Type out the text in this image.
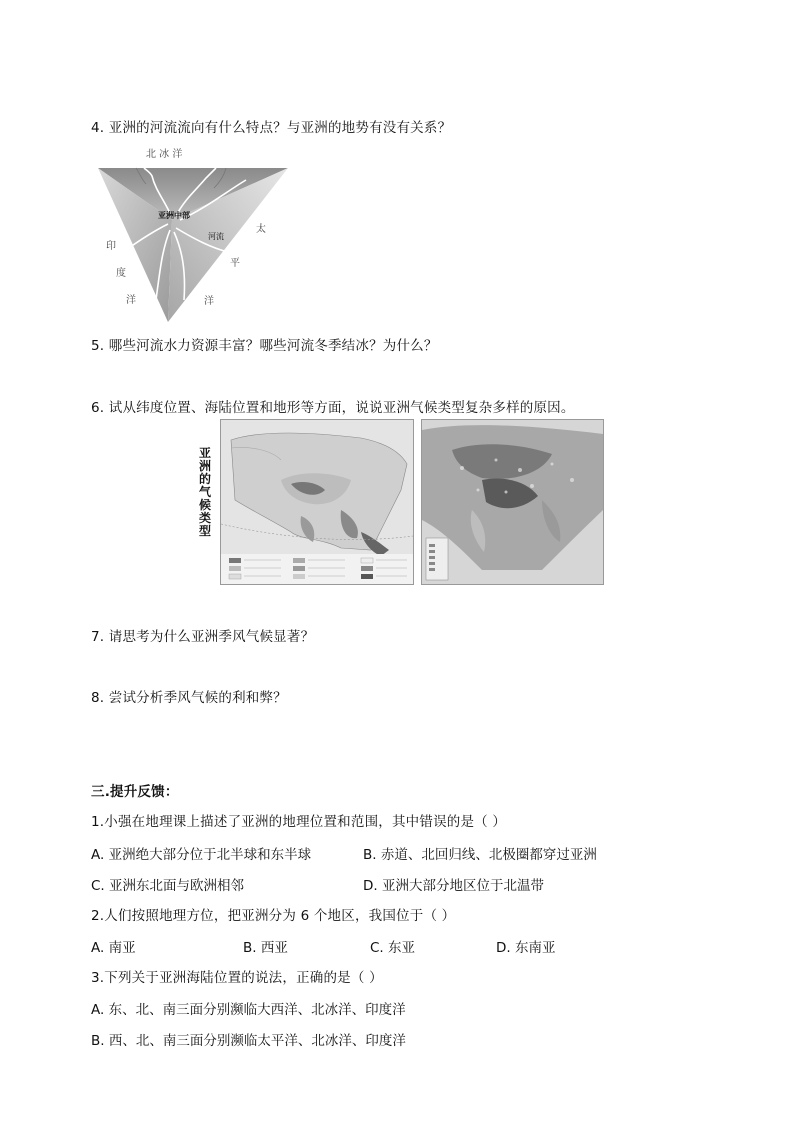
4. 亚洲的河流流向有什么特点？与亚洲的地势有没有关系？
北 冰 洋
亚洲中部
河流
印
度
洋
太
平
洋
5. 哪些河流水力资源丰富？哪些河流冬季结冰？为什么？
6. 试从纬度位置、海陆位置和地形等方面，说说亚洲气候类型复杂多样的原因。
亚洲的气候类型
7. 请思考为什么亚洲季风气候显著？
8. 尝试分析季风气候的利和弊？
三.提升反馈：
1.小强在地理课上描述了亚洲的地理位置和范围，其中错误的是（ ）
A. 亚洲绝大部分位于北半球和东半球	B. 赤道、北回归线、北极圈都穿过亚洲
C. 亚洲东北面与欧洲相邻	D. 亚洲大部分地区位于北温带
2.人们按照地理方位，把亚洲分为 6 个地区，我国位于（ ）
A. 南亚	B. 西亚	C. 东亚	D. 东南亚
3.下列关于亚洲海陆位置的说法，正确的是（ ）
A. 东、北、南三面分别濒临大西洋、北冰洋、印度洋
B. 西、北、南三面分别濒临太平洋、北冰洋、印度洋
